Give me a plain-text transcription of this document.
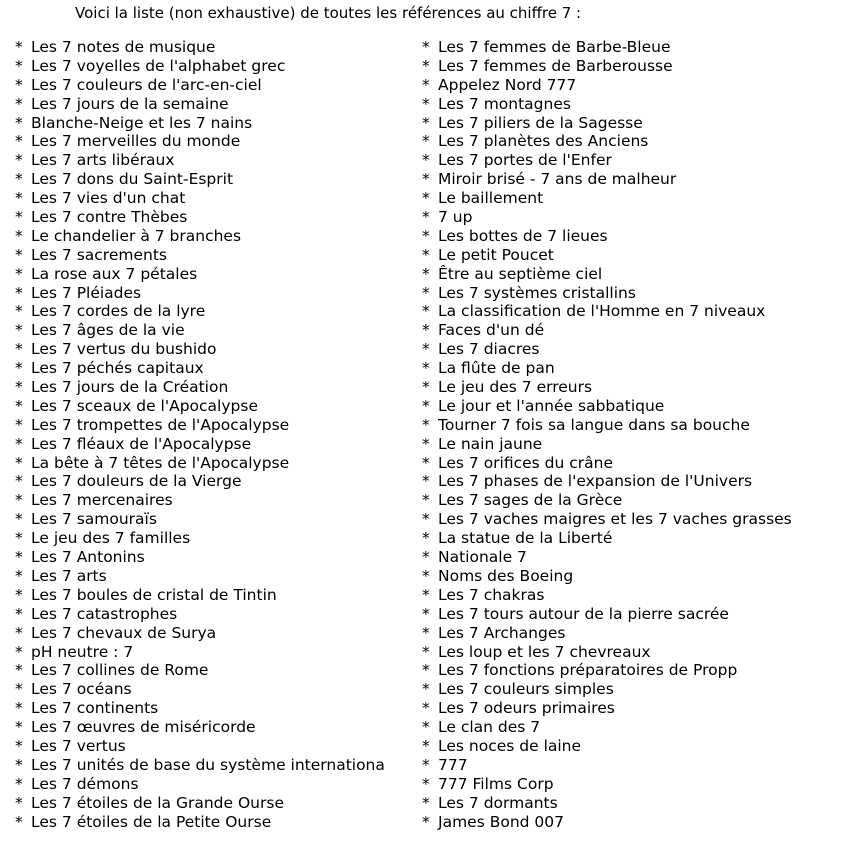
Voici la liste (non exhaustive) de toutes les références au chiffre 7 :
* Les 7 notes de musique
* Les 7 voyelles de l'alphabet grec
* Les 7 couleurs de l'arc-en-ciel
* Les 7 jours de la semaine
* Blanche-Neige et les 7 nains
* Les 7 merveilles du monde
* Les 7 arts libéraux
* Les 7 dons du Saint-Esprit
* Les 7 vies d'un chat
* Les 7 contre Thèbes
* Le chandelier à 7 branches
* Les 7 sacrements
* La rose aux 7 pétales
* Les 7 Pléiades
* Les 7 cordes de la lyre
* Les 7 âges de la vie
* Les 7 vertus du bushido
* Les 7 péchés capitaux
* Les 7 jours de la Création
* Les 7 sceaux de l'Apocalypse
* Les 7 trompettes de l'Apocalypse
* Les 7 fléaux de l'Apocalypse
* La bête à 7 têtes de l'Apocalypse
* Les 7 douleurs de la Vierge
* Les 7 mercenaires
* Les 7 samouraïs
* Le jeu des 7 familles
* Les 7 Antonins
* Les 7 arts
* Les 7 boules de cristal de Tintin
* Les 7 catastrophes
* Les 7 chevaux de Surya
* pH neutre : 7
* Les 7 collines de Rome
* Les 7 océans
* Les 7 continents
* Les 7 œuvres de miséricorde
* Les 7 vertus
* Les 7 unités de base du système internationa
* Les 7 démons
* Les 7 étoiles de la Grande Ourse
* Les 7 étoiles de la Petite Ourse
* Les 7 femmes de Barbe-Bleue
* Les 7 femmes de Barberousse
* Appelez Nord 777
* Les 7 montagnes
* Les 7 piliers de la Sagesse
* Les 7 planètes des Anciens
* Les 7 portes de l'Enfer
* Miroir brisé - 7 ans de malheur
* Le baillement
* 7 up
* Les bottes de 7 lieues
* Le petit Poucet
* Être au septième ciel
* Les 7 systèmes cristallins
* La classification de l'Homme en 7 niveaux
* Faces d'un dé
* Les 7 diacres
* La flûte de pan
* Le jeu des 7 erreurs
* Le jour et l'année sabbatique
* Tourner 7 fois sa langue dans sa bouche
* Le nain jaune
* Les 7 orifices du crâne
* Les 7 phases de l'expansion de l'Univers
* Les 7 sages de la Grèce
* Les 7 vaches maigres et les 7 vaches grasses
* La statue de la Liberté
* Nationale 7
* Noms des Boeing
* Les 7 chakras
* Les 7 tours autour de la pierre sacrée
* Les 7 Archanges
* Les loup et les 7 chevreaux
* Les 7 fonctions préparatoires de Propp
* Les 7 couleurs simples
* Les 7 odeurs primaires
* Le clan des 7
* Les noces de laine
* 777
* 777 Films Corp
* Les 7 dormants
* James Bond 007
